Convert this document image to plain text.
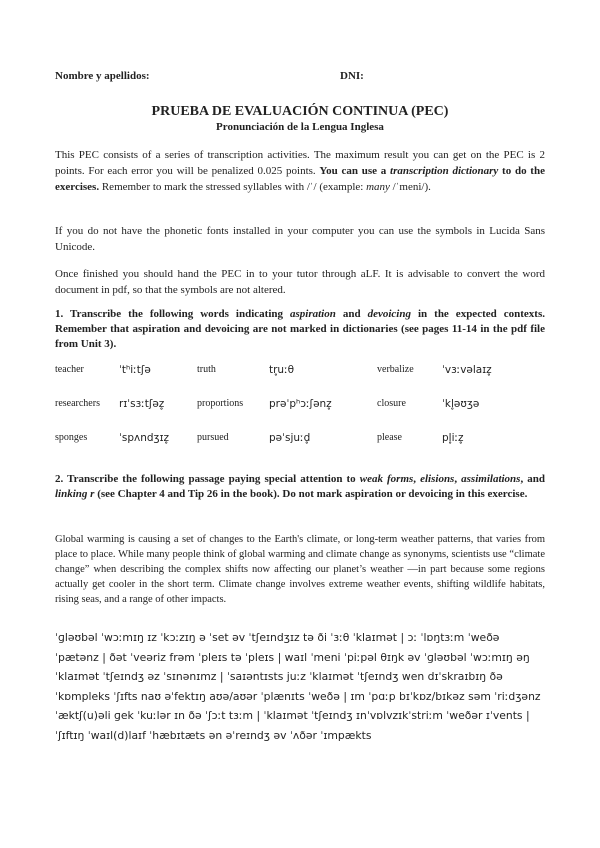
Nombre y apellidos:	DNI:
PRUEBA DE EVALUACIÓN CONTINUA (PEC)
Pronunciación de la Lengua Inglesa

This PEC consists of a series of transcription activities. The maximum result you can get on the PEC is 2 points. For each error you will be penalized 0.025 points. You can use a transcription dictionary to do the exercises. Remember to mark the stressed syllables with /ˈ/ (example: many /ˈmeni/).

If you do not have the phonetic fonts installed in your computer you can use the symbols in Lucida Sans Unicode.

Once finished you should hand the PEC in to your tutor through aLF. It is advisable to convert the word document in pdf, so that the symbols are not altered.

1. Transcribe the following words indicating aspiration and devoicing in the expected contexts. Remember that aspiration and devoicing are not marked in dictionaries (see pages 11-14 in the pdf file from Unit 3).

teacher	ˈtʰiːtʃə	truth	tr̥uːθ	verbalize	ˈvɜːvəlaɪz̥
researchers rɪˈsɜːtʃəz̥	proportions prəˈpʰɔːʃənz̥	closure	ˈkl̥əʊʒə
sponges	ˈspʌndʒɪz̥	pursued	pəˈsjuːd̥	please	pl̥iːz̥

2. Transcribe the following passage paying special attention to weak forms, elisions, assimilations, and linking r (see Chapter 4 and Tip 26 in the book). Do not mark aspiration or devoicing in this exercise.

Global warming is causing a set of changes to the Earth's climate, or long-term weather patterns, that varies from place to place. While many people think of global warming and climate change as synonyms, scientists use “climate change” when describing the complex shifts now affecting our planet’s weather —in part because some regions actually get cooler in the short term. Climate change involves extreme weather events, shifting wildlife habitats, rising seas, and a range of other impacts.

ˈɡləʊbəl ˈwɔːmɪŋ ɪz ˈkɔːzɪŋ ə ˈset əv ˈtʃeɪndʒɪz tə ði ˈɜːθ ˈklaɪmət | ɔː ˈlɒŋtɜːm ˈweðə
ˈpætənz | ðət ˈveəriz frəm ˈpleɪs tə ˈpleɪs | waɪl ˈmeni ˈpiːpəl θɪŋk əv ˈɡləʊbəl ˈwɔːmɪŋ əŋ
ˈklaɪmət ˈtʃeɪndʒ əz ˈsɪnənɪmz | ˈsaɪəntɪsts juːz ˈklaɪmət ˈtʃeɪndʒ wen dɪˈskraɪbɪŋ ðə
ˈkɒmpleks ˈʃɪfts naʊ əˈfektɪŋ aʊə/aʊər ˈplænɪts ˈweðə | ɪm ˈpɑːp bɪˈkɒz/bɪkəz səm ˈriːdʒənz
ˈæktʃ(u)əli ɡek ˈkuːlər ɪn ðə ˈʃɔːt tɜːm | ˈklaɪmət ˈtʃeɪndʒ ɪnˈvɒlvzɪkˈstriːm ˈweðər ɪˈvents |
ˈʃɪftɪŋ ˈwaɪl(d)laɪf ˈhæbɪtæts ən əˈreɪndʒ əv ˈʌðər ˈɪmpækts
